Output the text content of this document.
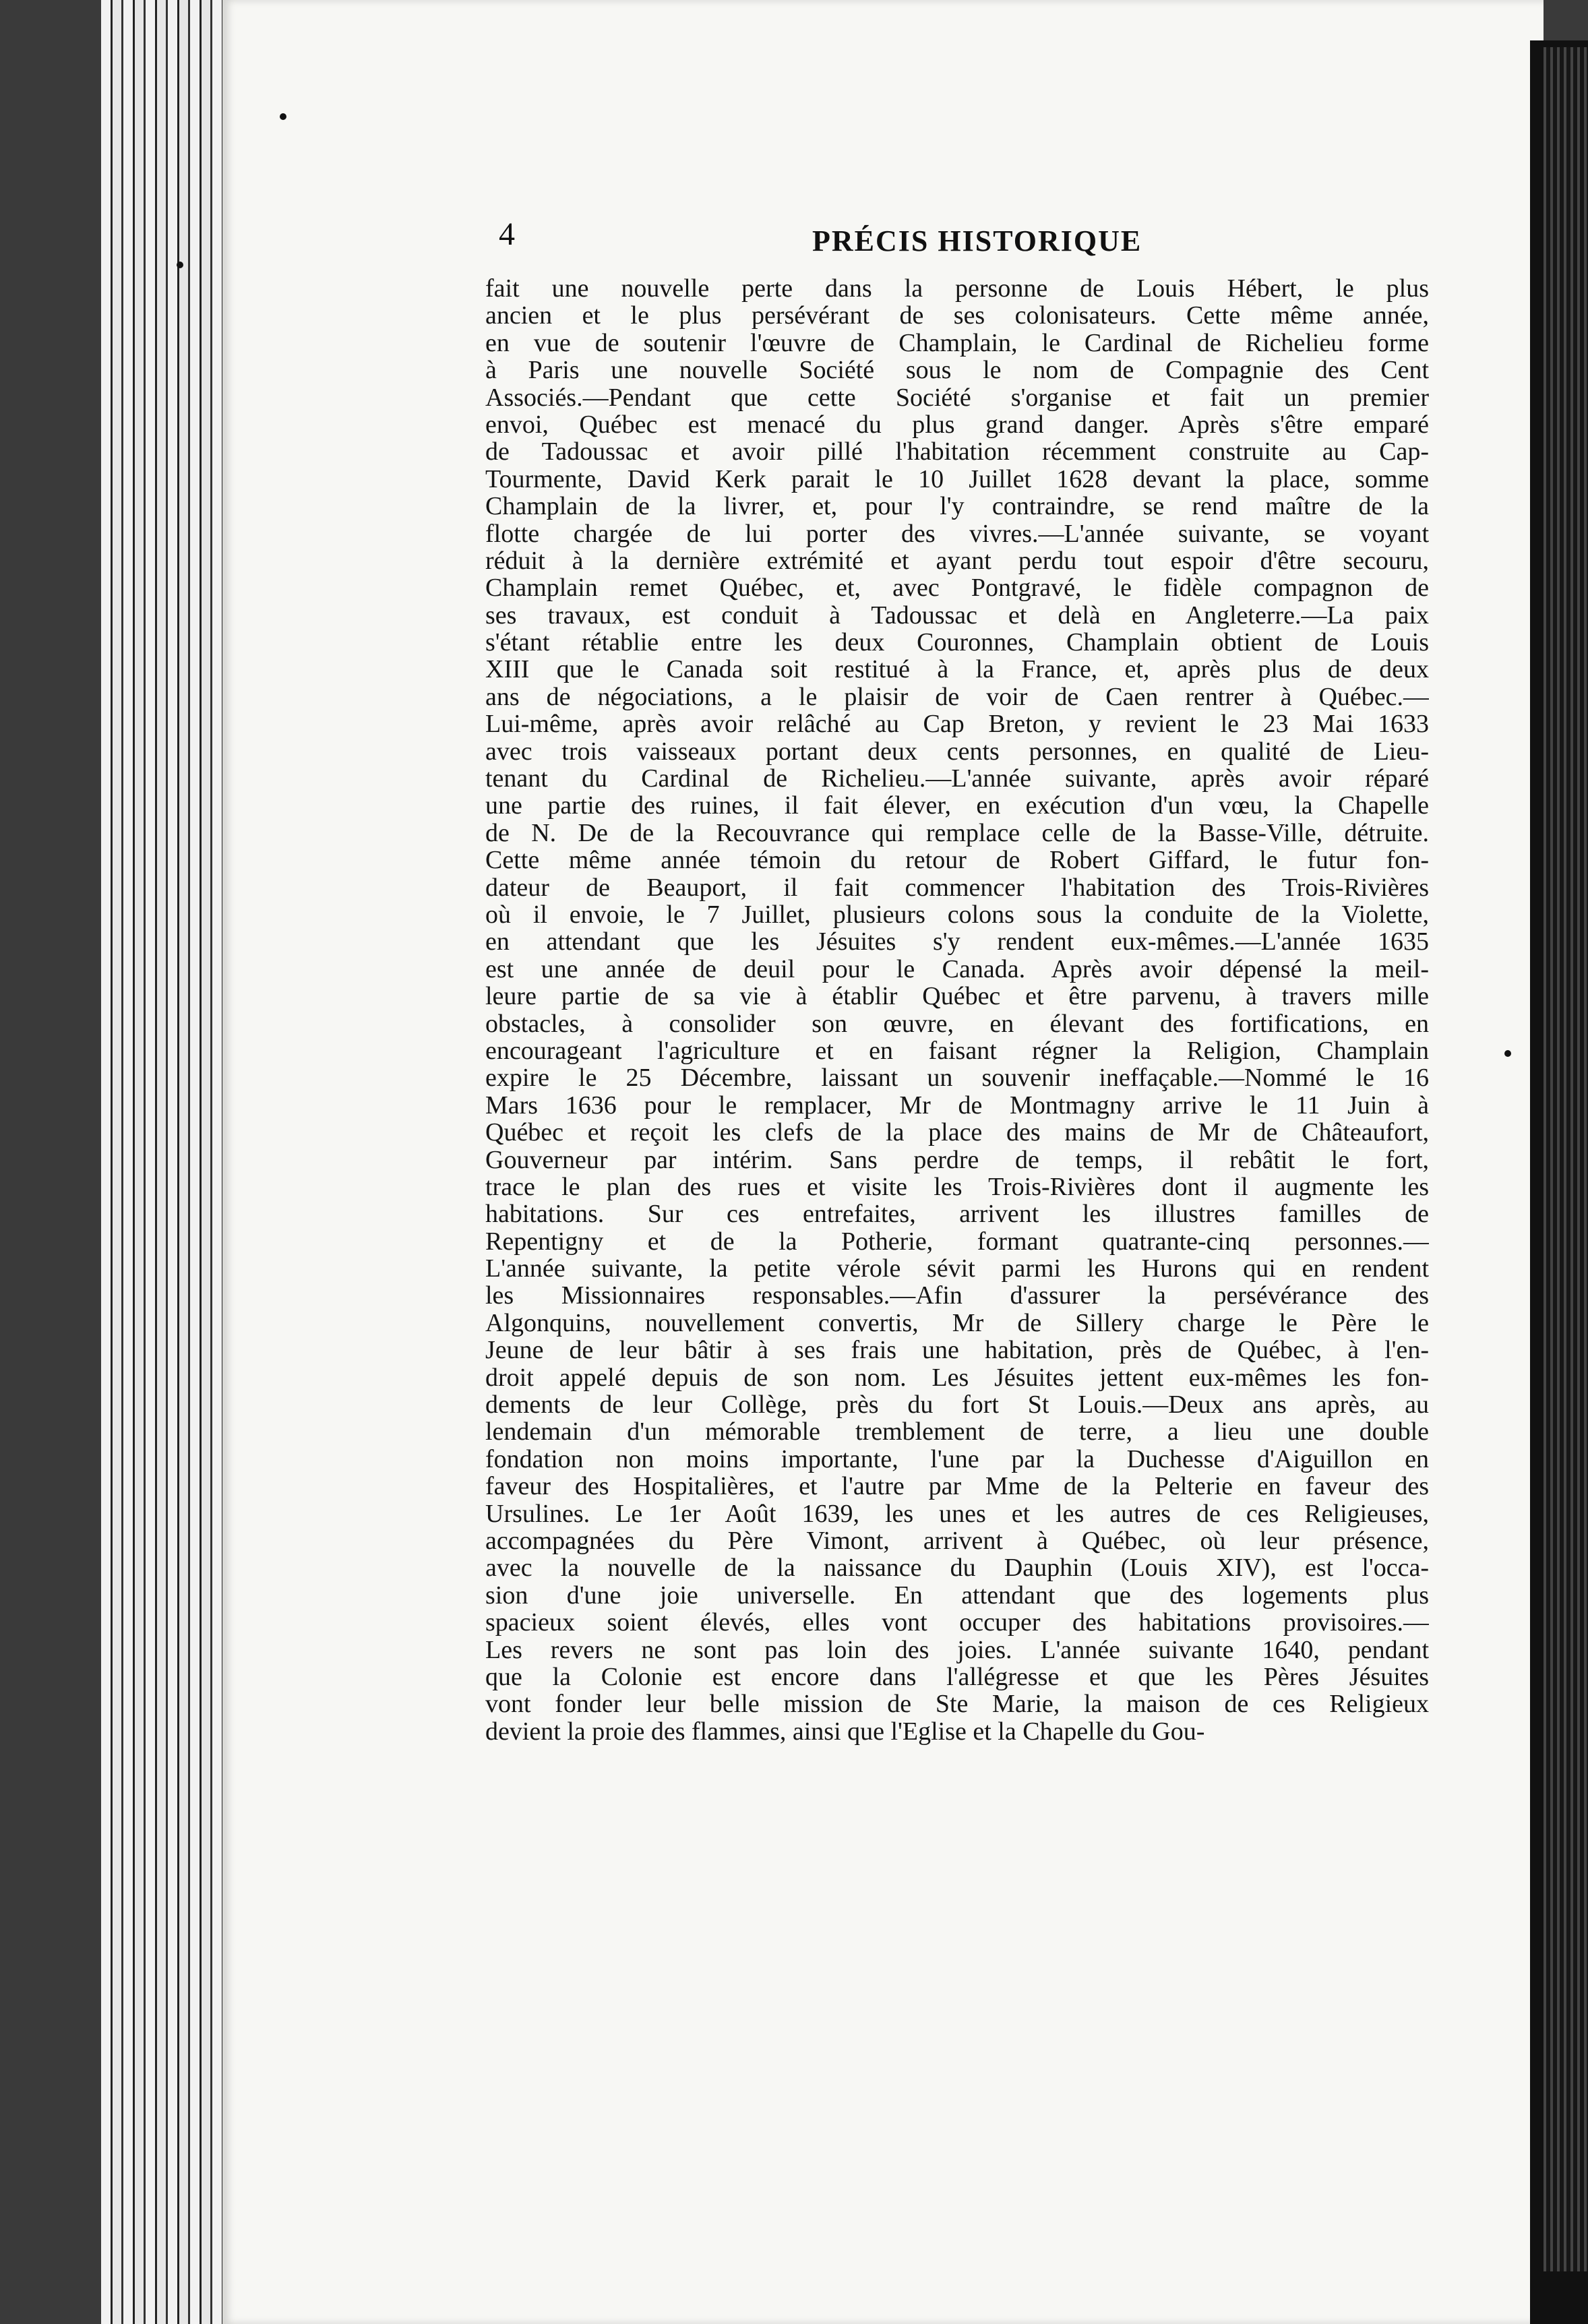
4	PRÉCIS HISTORIQUE
fait une nouvelle perte dans la personne de Louis Hébert, le plus
ancien et le plus persévérant de ses colonisateurs. Cette même année,
en vue de soutenir l'œuvre de Champlain, le Cardinal de Richelieu forme
à Paris une nouvelle Société sous le nom de Compagnie des Cent
Associés.—Pendant que cette Société s'organise et fait un premier
envoi, Québec est menacé du plus grand danger. Après s'être emparé
de Tadoussac et avoir pillé l'habitation récemment construite au Cap-
Tourmente, David Kerk parait le 10 Juillet 1628 devant la place, somme
Champlain de la livrer, et, pour l'y contraindre, se rend maître de la
flotte chargée de lui porter des vivres.—L'année suivante, se voyant
réduit à la dernière extrémité et ayant perdu tout espoir d'être secouru,
Champlain remet Québec, et, avec Pontgravé, le fidèle compagnon de
ses travaux, est conduit à Tadoussac et delà en Angleterre.—La paix
s'étant rétablie entre les deux Couronnes, Champlain obtient de Louis
XIII que le Canada soit restitué à la France, et, après plus de deux
ans de négociations, a le plaisir de voir de Caen rentrer à Québec.—
Lui-même, après avoir relâché au Cap Breton, y revient le 23 Mai 1633
avec trois vaisseaux portant deux cents personnes, en qualité de Lieu-
tenant du Cardinal de Richelieu.—L'année suivante, après avoir réparé
une partie des ruines, il fait élever, en exécution d'un vœu, la Chapelle
de N. De de la Recouvrance qui remplace celle de la Basse-Ville, détruite.
Cette même année témoin du retour de Robert Giffard, le futur fon-
dateur de Beauport, il fait commencer l'habitation des Trois-Rivières
où il envoie, le 7 Juillet, plusieurs colons sous la conduite de la Violette,
en attendant que les Jésuites s'y rendent eux-mêmes.—L'année 1635
est une année de deuil pour le Canada. Après avoir dépensé la meil-
leure partie de sa vie à établir Québec et être parvenu, à travers mille
obstacles, à consolider son œuvre, en élevant des fortifications, en
encourageant l'agriculture et en faisant régner la Religion, Champlain
expire le 25 Décembre, laissant un souvenir ineffaçable.—Nommé le 16
Mars 1636 pour le remplacer, Mr de Montmagny arrive le 11 Juin à
Québec et reçoit les clefs de la place des mains de Mr de Châteaufort,
Gouverneur par intérim. Sans perdre de temps, il rebâtit le fort,
trace le plan des rues et visite les Trois-Rivières dont il augmente les
habitations. Sur ces entrefaites, arrivent les illustres familles de
Repentigny et de la Potherie, formant quatrante-cinq personnes.—
L'année suivante, la petite vérole sévit parmi les Hurons qui en rendent
les Missionnaires responsables.—Afin d'assurer la persévérance des
Algonquins, nouvellement convertis, Mr de Sillery charge le Père le
Jeune de leur bâtir à ses frais une habitation, près de Québec, à l'en-
droit appelé depuis de son nom. Les Jésuites jettent eux-mêmes les fon-
dements de leur Collège, près du fort St Louis.—Deux ans après, au
lendemain d'un mémorable tremblement de terre, a lieu une double
fondation non moins importante, l'une par la Duchesse d'Aiguillon en
faveur des Hospitalières, et l'autre par Mme de la Pelterie en faveur des
Ursulines. Le 1er Août 1639, les unes et les autres de ces Religieuses,
accompagnées du Père Vimont, arrivent à Québec, où leur présence,
avec la nouvelle de la naissance du Dauphin (Louis XIV), est l'occa-
sion d'une joie universelle. En attendant que des logements plus
spacieux soient élevés, elles vont occuper des habitations provisoires.—
Les revers ne sont pas loin des joies. L'année suivante 1640, pendant
que la Colonie est encore dans l'allégresse et que les Pères Jésuites
vont fonder leur belle mission de Ste Marie, la maison de ces Religieux
devient la proie des flammes, ainsi que l'Eglise et la Chapelle du Gou-
